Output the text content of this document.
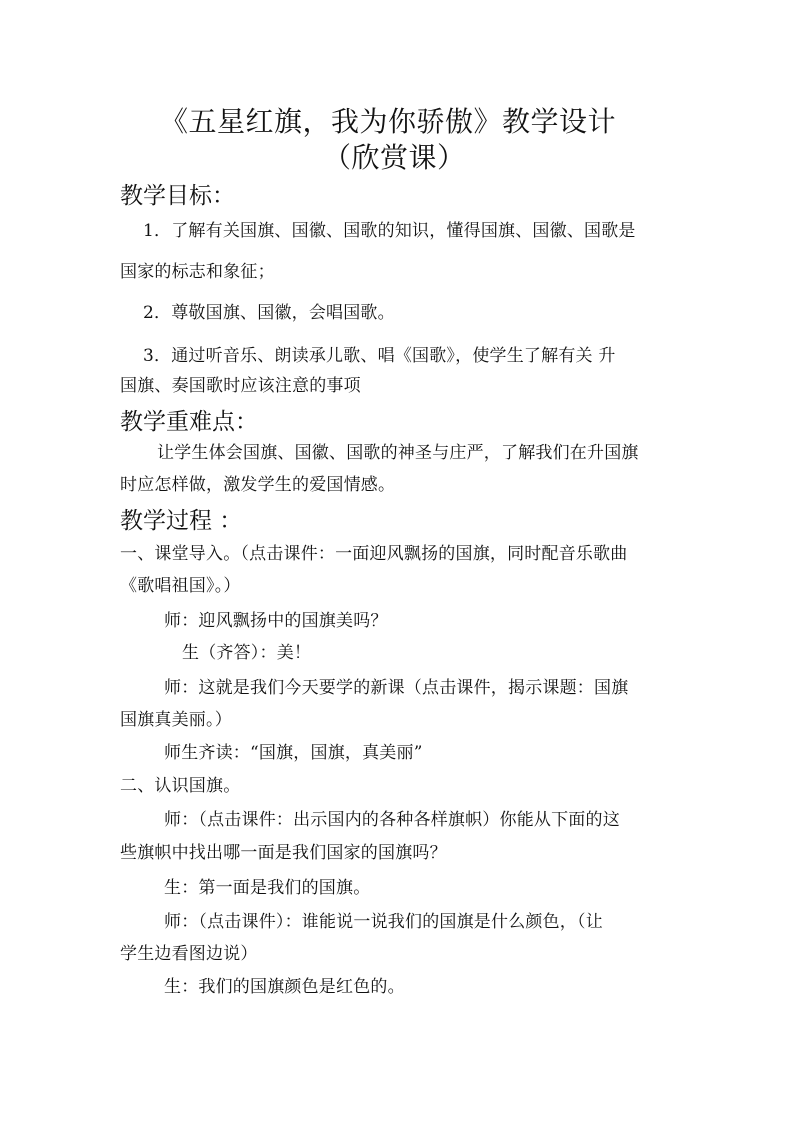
《五星红旗，我为你骄傲》教学设计

（欣赏课）

教学目标：

1．了解有关国旗、国徽、国歌的知识，懂得国旗、国徽、国歌是

国家的标志和象征；

2．尊敬国旗、国徽，会唱国歌。

3．通过听音乐、朗读承儿歌、唱《国歌》，使学生了解有关 升

国旗、奏国歌时应该注意的事项

教学重难点：

让学生体会国旗、国徽、国歌的神圣与庄严，了解我们在升国旗

时应怎样做，激发学生的爱国情感。

教学过程 ：

一、课堂导入。（点击课件：一面迎风飘扬的国旗，同时配音乐歌曲

《歌唱祖国》。）

师：迎风飘扬中的国旗美吗？

生（齐答）：美！

师：这就是我们今天要学的新课（点击课件，揭示课题：国旗

国旗真美丽。）

师生齐读：“国旗，国旗，真美丽”

二、认识国旗。

师：（点击课件：出示国内的各种各样旗帜）你能从下面的这

些旗帜中找出哪一面是我们国家的国旗吗？

生：第一面是我们的国旗。

师：（点击课件）：谁能说一说我们的国旗是什么颜色，（让

学生边看图边说）

生：我们的国旗颜色是红色的。
